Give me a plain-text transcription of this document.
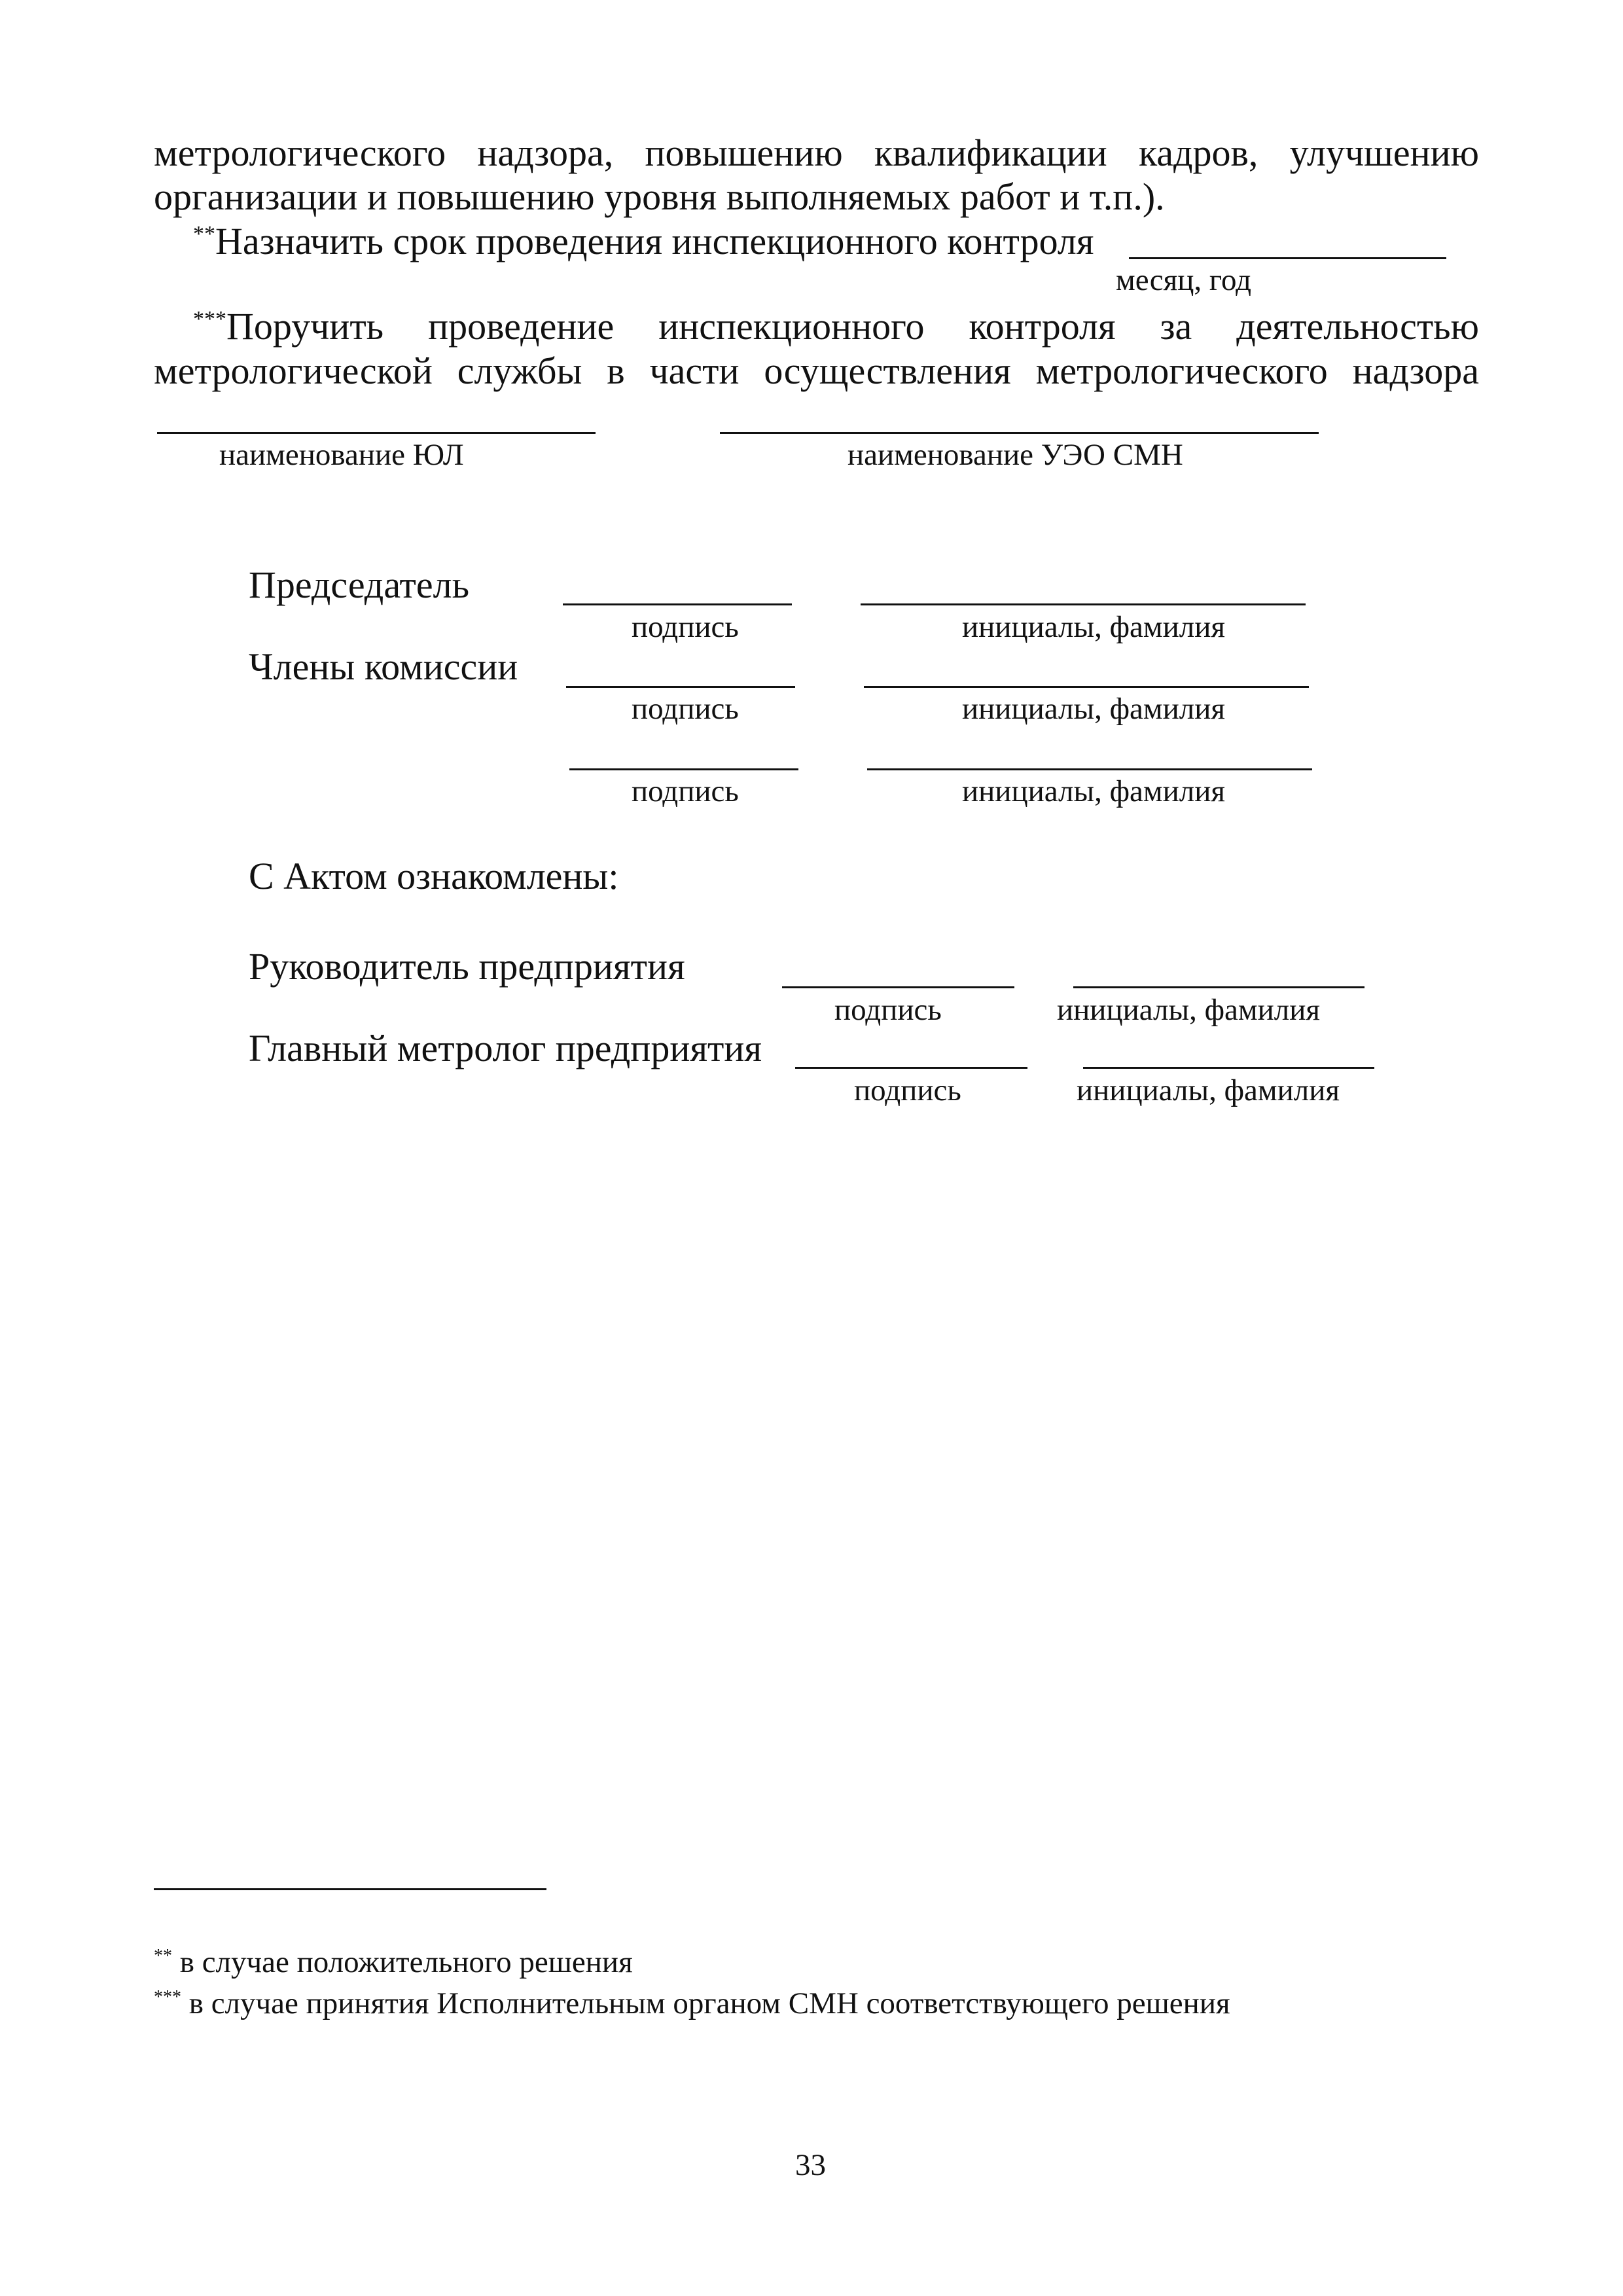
метрологического надзора, повышению квалификации кадров, улучшению
организации и повышению уровня выполняемых работ и т.п.).
**Назначить срок проведения инспекционного контроля
месяц, год
***Поручить проведение инспекционного контроля за деятельностью
метрологической службы в части осуществления метрологического надзора
наименование ЮЛ	наименование УЭО СМН
Председатель
подпись	инициалы, фамилия
Члены комиссии
подпись	инициалы, фамилия
подпись	инициалы, фамилия
С Актом ознакомлены:
Руководитель предприятия
подпись	инициалы, фамилия
Главный метролог предприятия
подпись	инициалы, фамилия
** в случае положительного решения
*** в случае принятия Исполнительным органом СМН соответствующего решения
33
